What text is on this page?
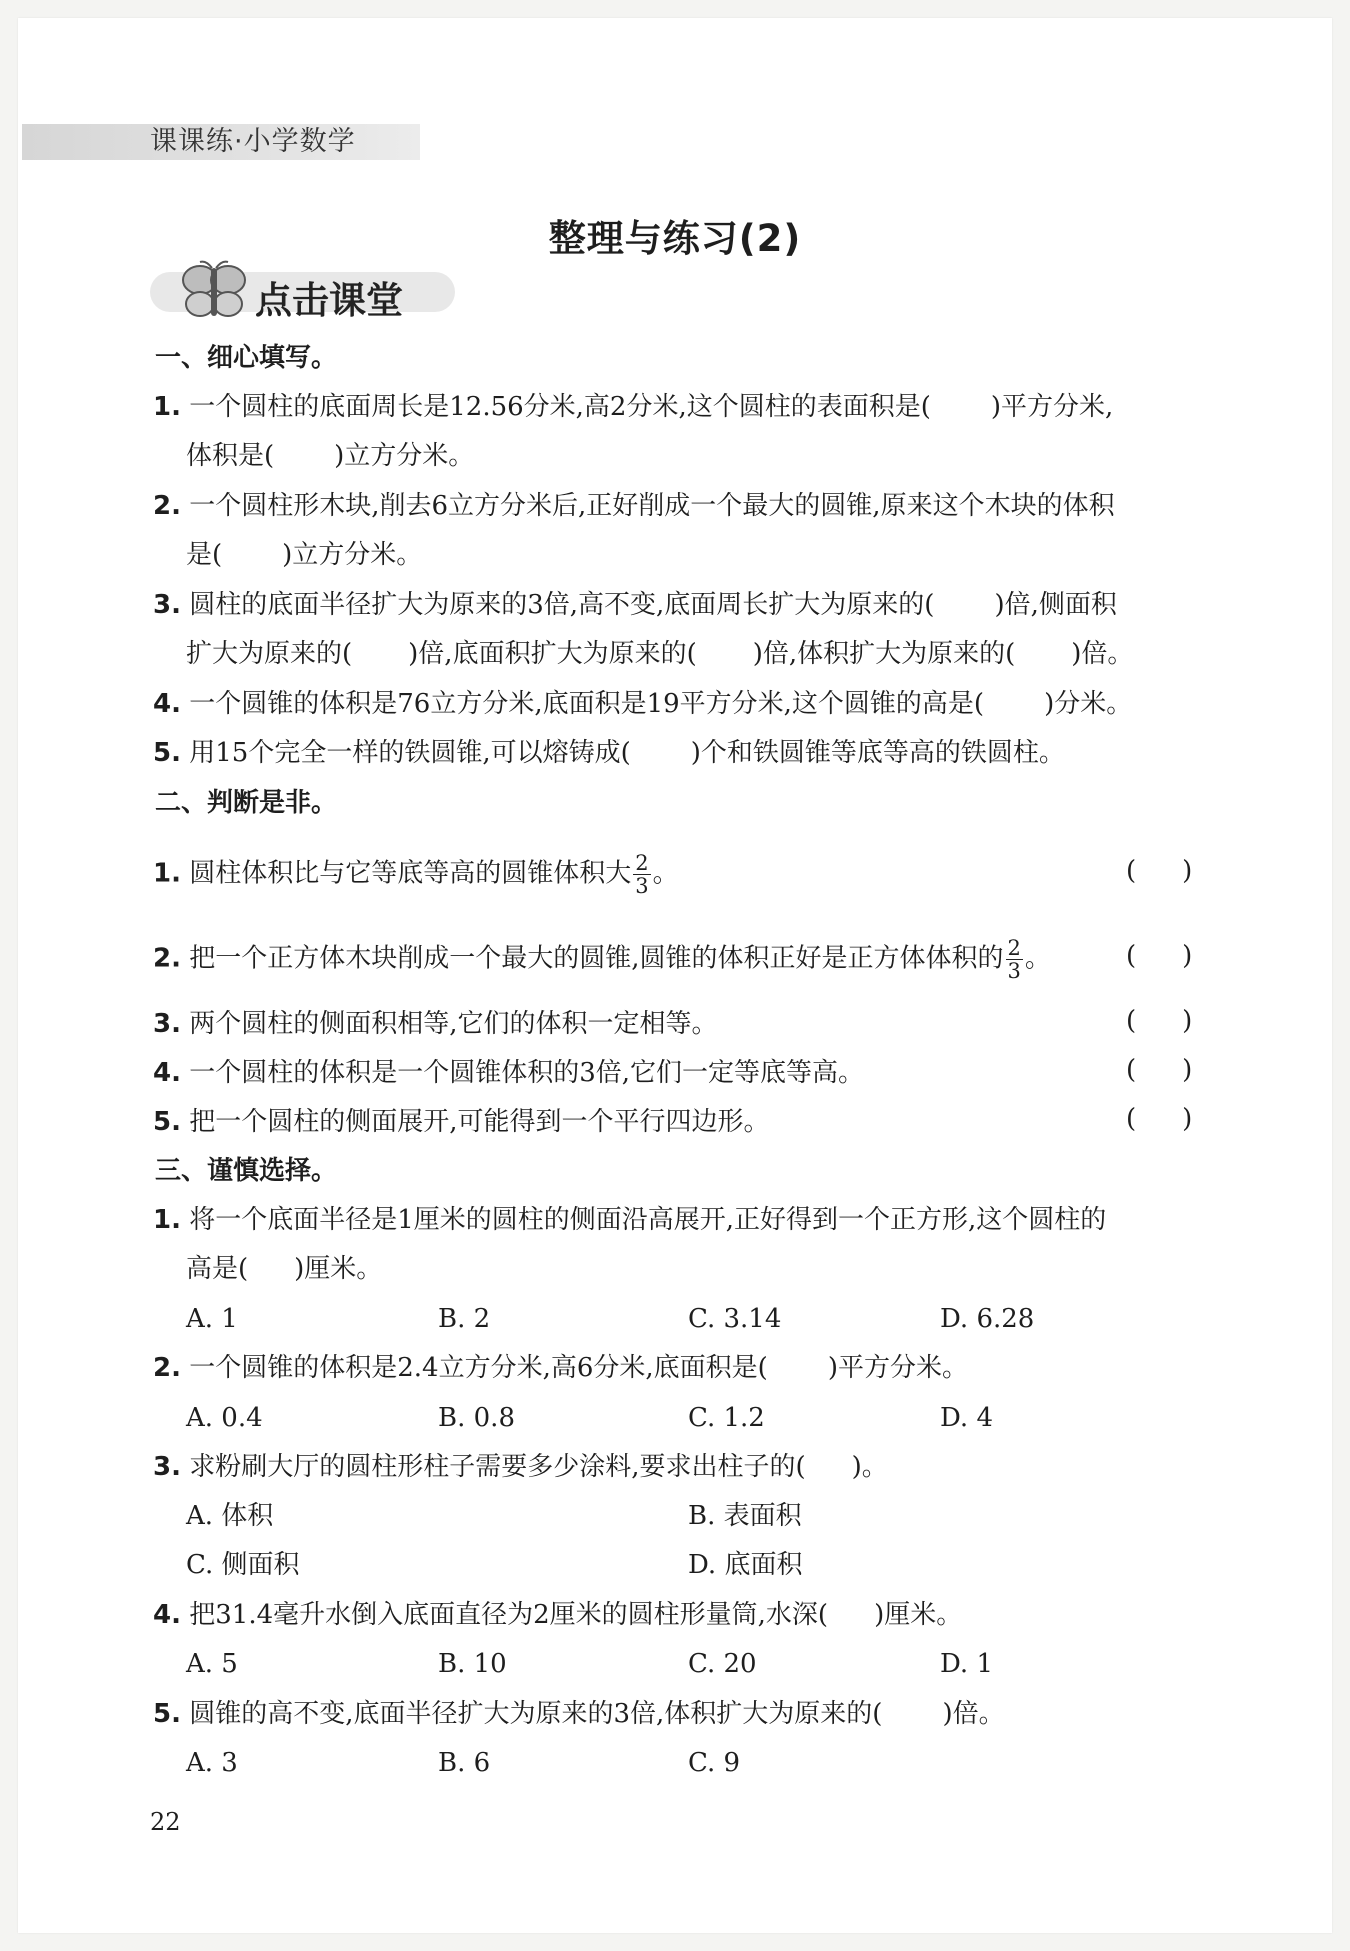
课课练·小学数学
整理与练习(2)
点击课堂
一、细心填写。
1. 一个圆柱的底面周长是12.56分米,高2分米,这个圆柱的表面积是( )平方分米,
体积是( )立方分米。
2. 一个圆柱形木块,削去6立方分米后,正好削成一个最大的圆锥,原来这个木块的体积
是( )立方分米。
3. 圆柱的底面半径扩大为原来的3倍,高不变,底面周长扩大为原来的( )倍,侧面积
扩大为原来的( )倍,底面积扩大为原来的( )倍,体积扩大为原来的( )倍。
4. 一个圆锥的体积是76立方分米,底面积是19平方分米,这个圆锥的高是( )分米。
5. 用15个完全一样的铁圆锥,可以熔铸成( )个和铁圆锥等底等高的铁圆柱。
二、判断是非。
1. 圆柱体积比与它等底等高的圆锥体积大 $\frac{2}{3}$ 。	( )
2. 把一个正方体木块削成一个最大的圆锥,圆锥的体积正好是正方体体积的 $\frac{2}{3}$ 。	( )
3. 两个圆柱的侧面积相等,它们的体积一定相等。	( )
4. 一个圆柱的体积是一个圆锥体积的3倍,它们一定等底等高。	( )
5. 把一个圆柱的侧面展开,可能得到一个平行四边形。	( )
三、谨慎选择。
1. 将一个底面半径是1厘米的圆柱的侧面沿高展开,正好得到一个正方形,这个圆柱的
高是( )厘米。
A. 1	B. 2	C. 3.14	D. 6.28
2. 一个圆锥的体积是2.4立方分米,高6分米,底面积是( )平方分米。
A. 0.4	B. 0.8	C. 1.2	D. 4
3. 求粉刷大厅的圆柱形柱子需要多少涂料,要求出柱子的( )。
A. 体积	B. 表面积
C. 侧面积	D. 底面积
4. 把31.4毫升水倒入底面直径为2厘米的圆柱形量筒,水深( )厘米。
A. 5	B. 10	C. 20	D. 1
5. 圆锥的高不变,底面半径扩大为原来的3倍,体积扩大为原来的( )倍。
A. 3	B. 6	C. 9
22
